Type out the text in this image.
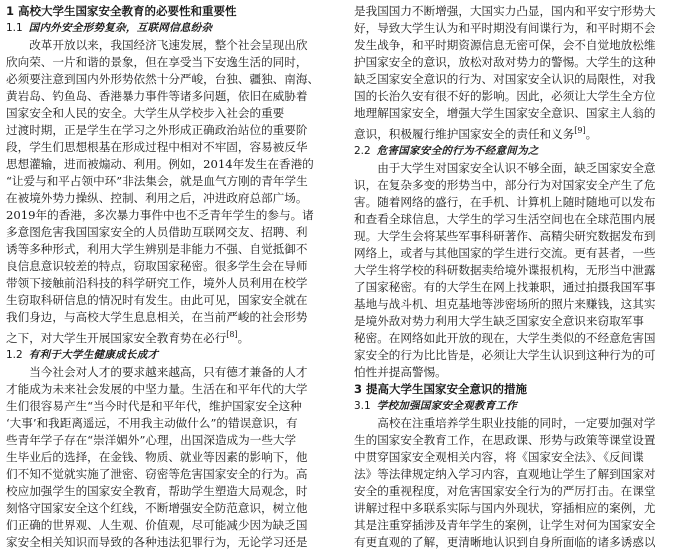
1 高校大学生国家安全教育的必要性和重要性
1.1 国内外安全形势复杂，互联网信息纷杂

　　改革开放以来，我国经济飞速发展，整个社会呈现出欣
欣向荣、一片和谐的景象，但在享受当下安逸生活的同时，
必须要注意到国内外形势依然十分严峻，台独、疆独、南海、
黄岩岛、钓鱼岛、香港暴力事件等诸多问题，依旧在威胁着
国家安全和人民的安全。大学生从学校步入社会的重要
过渡时期，正是学生在学习之外形成正确政治站位的重要阶
段，学生们思想根基在形成过程中相对不牢固，容易被反华
思想灌输，进而被煽动、利用。例如，2014年发生在香港的
“让爱与和平占领中环”非法集会，就是血气方刚的青年学生
在被境外势力操纵、控制、利用之后，冲进政府总部广场。
2019年的香港，多次暴力事件中也不乏青年学生的参与。诸
多意图危害我国国家安全的人员借助互联网交友、招聘、利
诱等多种形式，利用大学生辨别是非能力不强、自觉抵御不
良信息意识较差的特点，窃取国家秘密。很多学生会在导师
带领下接触前沿科技的科学研究工作，境外人员利用在校学
生窃取科研信息的情况时有发生。由此可见，国家安全就在
我们身边，与高校大学生息息相关，在当前严峻的社会形势
之下，对大学生开展国家安全教育势在必行[8]。

1.2 有利于大学生健康成长成才

　　当今社会对人才的要求越来越高，只有德才兼备的人才
才能成为未来社会发展的中坚力量。生活在和平年代的大学
生们很容易产生“当今时代是和平年代，维护国家安全这种
‘大事’和我距离遥远，不用我主动做什么”的错误意识，有
些青年学子存在“崇洋媚外”心理，出国深造成为一些大学
生毕业后的选择，在金钱、物质、就业等因素的影响下，他
们不知不觉就实施了泄密、窃密等危害国家安全的行为。高
校应加强学生的国家安全教育，帮助学生塑造大局观念，时
刻恪守国家安全这个红线，不断增强安全防范意识，树立他
们正确的世界观、人生观、价值观，尽可能减少因为缺乏国
家安全相关知识而导致的各种违法犯罪行为，无论学习还是

是我国国力不断增强，大国实力凸显，国内和平安宁形势大
好，导致大学生认为和平时期没有间谍行为，和平时期不会
发生战争，和平时期资源信息无密可保，会不自觉地放松维
护国家安全的意识，放松对敌对势力的警惕。大学生的这种
缺乏国家安全意识的行为、对国家安全认识的局限性，对我
国的长治久安有很不好的影响。因此，必须让大学生全方位
地理解国家安全，增强大学生国家安全意识、国家主人翁的
意识，积极履行维护国家安全的责任和义务[9]。

2.2 危害国家安全的行为不经意间为之

　　由于大学生对国家安全认识不够全面，缺乏国家安全意
识，在复杂多变的形势当中，部分行为对国家安全产生了危
害。随着网络的盛行，在手机、计算机上随时随地可以发布
和查看全球信息，大学生的学习生活空间也在全球范围内展
现。大学生会将某些军事科研著作、高精尖研究数据发布到
网络上，或者与其他国家的学生进行交流。更有甚者，一些
大学生将学校的科研数据卖给境外谍报机构，无形当中泄露
了国家秘密。有的大学生在网上找兼职，通过拍摄我国军事
基地与战斗机、坦克基地等涉密场所的照片来赚钱，这其实
是境外敌对势力利用大学生缺乏国家安全意识来窃取军事
秘密。在网络如此开放的现在，大学生类似的不经意危害国
家安全的行为比比皆是，必须让大学生认识到这种行为的可
怕性并提高警惕。

3 提高大学生国家安全意识的措施
3.1 学校加强国家安全观教育工作

　　高校在注重培养学生职业技能的同时，一定要加强对学
生的国家安全教育工作，在思政课、形势与政策等课堂设置
中贯穿国家安全观相关内容，将《国家安全法》、《反间谍
法》等法律规定纳入学习内容，直观地让学生了解到国家对
安全的重视程度，对危害国家安全行为的严厉打击。在课堂
讲解过程中多联系实际与国内外现状，穿插相应的案例，尤
其是注重穿插涉及青年学生的案例，让学生对何为国家安全
有更直观的了解，更清晰地认识到自身所面临的诸多诱惑以
